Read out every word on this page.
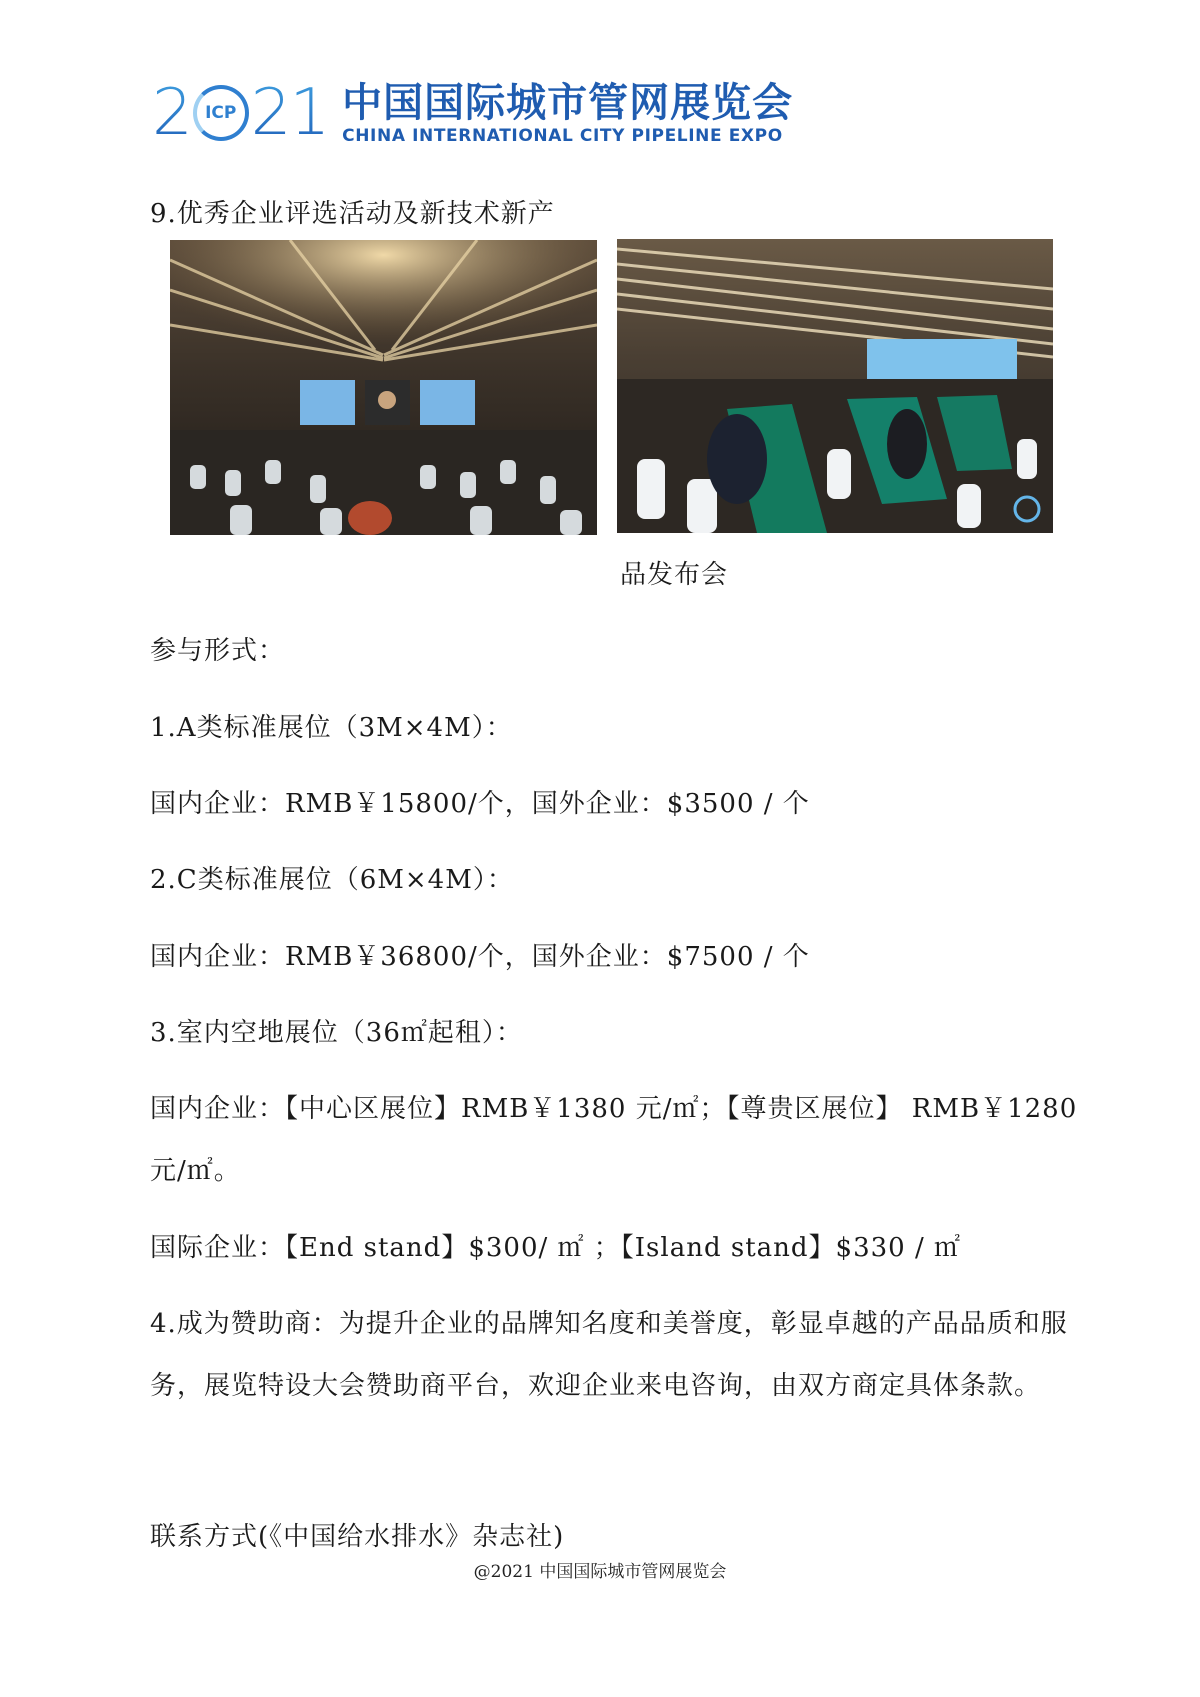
2 ICP 21 中国国际城市管网展览会
CHINA INTERNATIONAL CITY PIPELINE EXPO
9.优秀企业评选活动及新技术新产
品发布会
参与形式：
1.A类标准展位（3M×4M）：
国内企业：RMB￥15800/个，国外企业：$3500 / 个
2.C类标准展位（6M×4M）：
国内企业：RMB￥36800/个，国外企业：$7500 / 个
3.室内空地展位（36㎡起租）：
国内企业：【中心区展位】RMB￥1380 元/㎡；【尊贵区展位】 RMB￥1280 元/㎡。
国际企业：【End stand】$300/ ㎡ ；【Island stand】$330 / ㎡
4.成为赞助商：为提升企业的品牌知名度和美誉度，彰显卓越的产品品质和服务，展览特设大会赞助商平台，欢迎企业来电咨询，由双方商定具体条款。
联系方式(《中国给水排水》杂志社)
@2021 中国国际城市管网展览会
